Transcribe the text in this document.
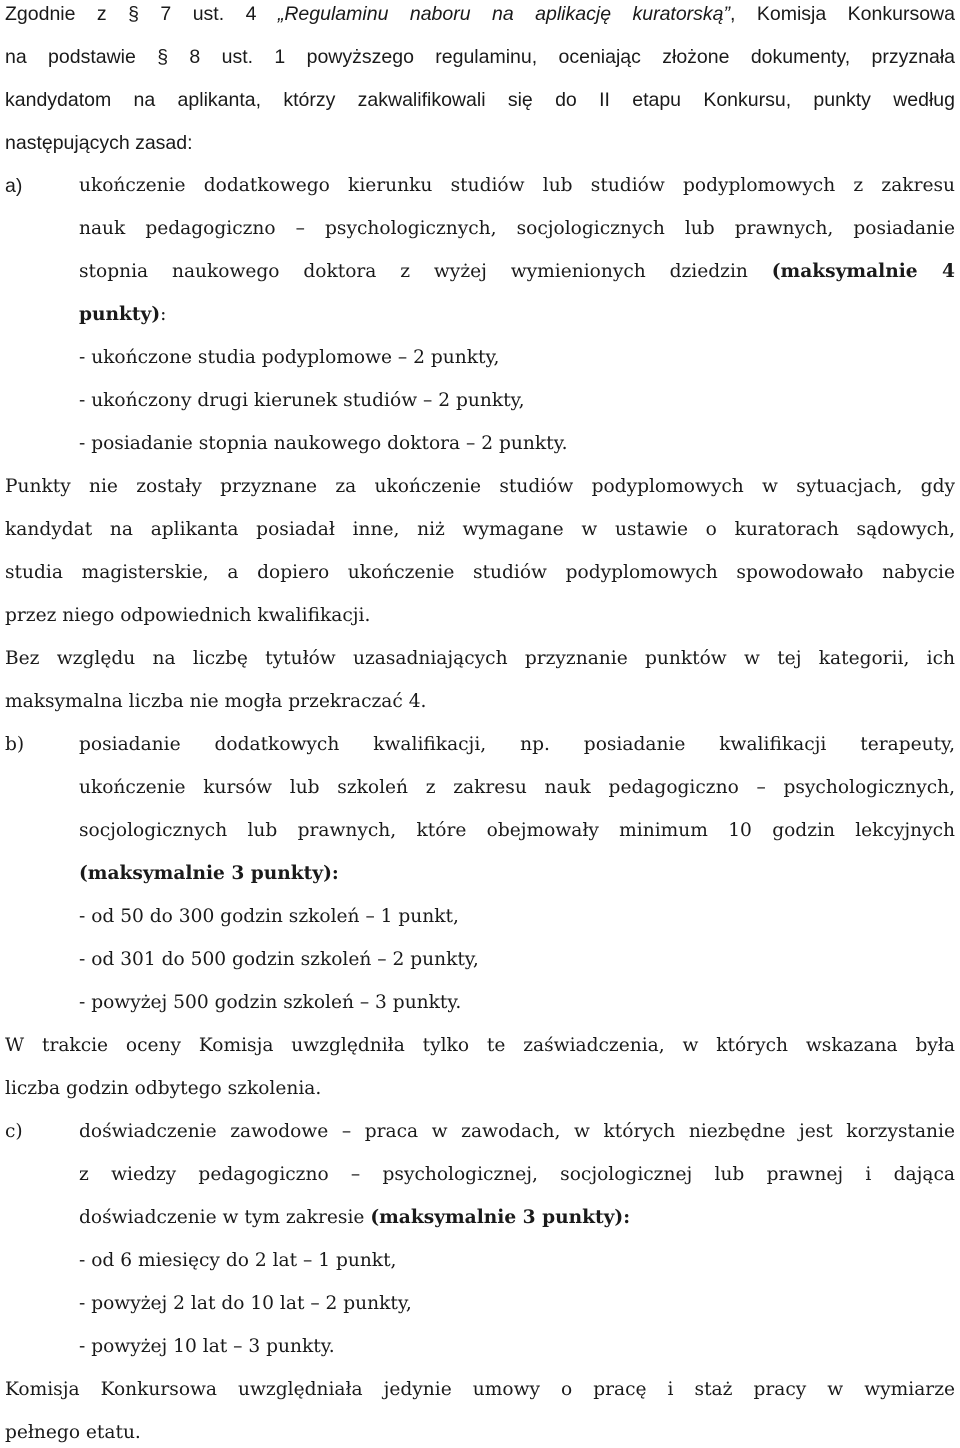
Zgodnie z § 7 ust. 4 „Regulaminu naboru na aplikację kuratorską”, Komisja Konkursowa
na podstawie § 8 ust. 1 powyższego regulaminu, oceniając złożone dokumenty, przyznała
kandydatom na aplikanta, którzy zakwalifikowali się do II etapu Konkursu, punkty według
następujących zasad:
a)	ukończenie dodatkowego kierunku studiów lub studiów podyplomowych z zakresu
nauk pedagogiczno – psychologicznych, socjologicznych lub prawnych, posiadanie
stopnia naukowego doktora z wyżej wymienionych dziedzin (maksymalnie 4
punkty):
- ukończone studia podyplomowe – 2 punkty,
- ukończony drugi kierunek studiów – 2 punkty,
- posiadanie stopnia naukowego doktora – 2 punkty.
Punkty nie zostały przyznane za ukończenie studiów podyplomowych w sytuacjach, gdy
kandydat na aplikanta posiadał inne, niż wymagane w ustawie o kuratorach sądowych,
studia magisterskie, a dopiero ukończenie studiów podyplomowych spowodowało nabycie
przez niego odpowiednich kwalifikacji.
Bez względu na liczbę tytułów uzasadniających przyznanie punktów w tej kategorii, ich
maksymalna liczba nie mogła przekraczać 4.
b)	posiadanie dodatkowych kwalifikacji, np. posiadanie kwalifikacji terapeuty,
ukończenie kursów lub szkoleń z zakresu nauk pedagogiczno – psychologicznych,
socjologicznych lub prawnych, które obejmowały minimum 10 godzin lekcyjnych
(maksymalnie 3 punkty):
- od 50 do 300 godzin szkoleń – 1 punkt,
- od 301 do 500 godzin szkoleń – 2 punkty,
- powyżej 500 godzin szkoleń – 3 punkty.
W trakcie oceny Komisja uwzględniła tylko te zaświadczenia, w których wskazana była
liczba godzin odbytego szkolenia.
c)	doświadczenie zawodowe – praca w zawodach, w których niezbędne jest korzystanie
z wiedzy pedagogiczno – psychologicznej, socjologicznej lub prawnej i dająca
doświadczenie w tym zakresie (maksymalnie 3 punkty):
- od 6 miesięcy do 2 lat – 1 punkt,
- powyżej 2 lat do 10 lat – 2 punkty,
- powyżej 10 lat – 3 punkty.
Komisja Konkursowa uwzględniała jedynie umowy o pracę i staż pracy w wymiarze
pełnego etatu.
